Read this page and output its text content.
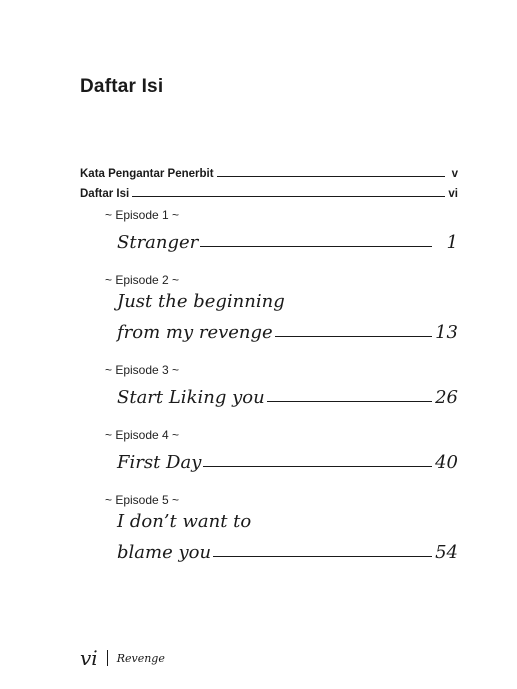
Daftar Isi
Kata Pengantar Penerbit	v
Daftar Isi	vi
~ Episode 1 ~
Stranger	1
~ Episode 2 ~
Just the beginning
from my revenge	13
~ Episode 3 ~
Start Liking you	26
~ Episode 4 ~
First Day	40
~ Episode 5 ~
I don’t want to
blame you	54
vi Revenge
